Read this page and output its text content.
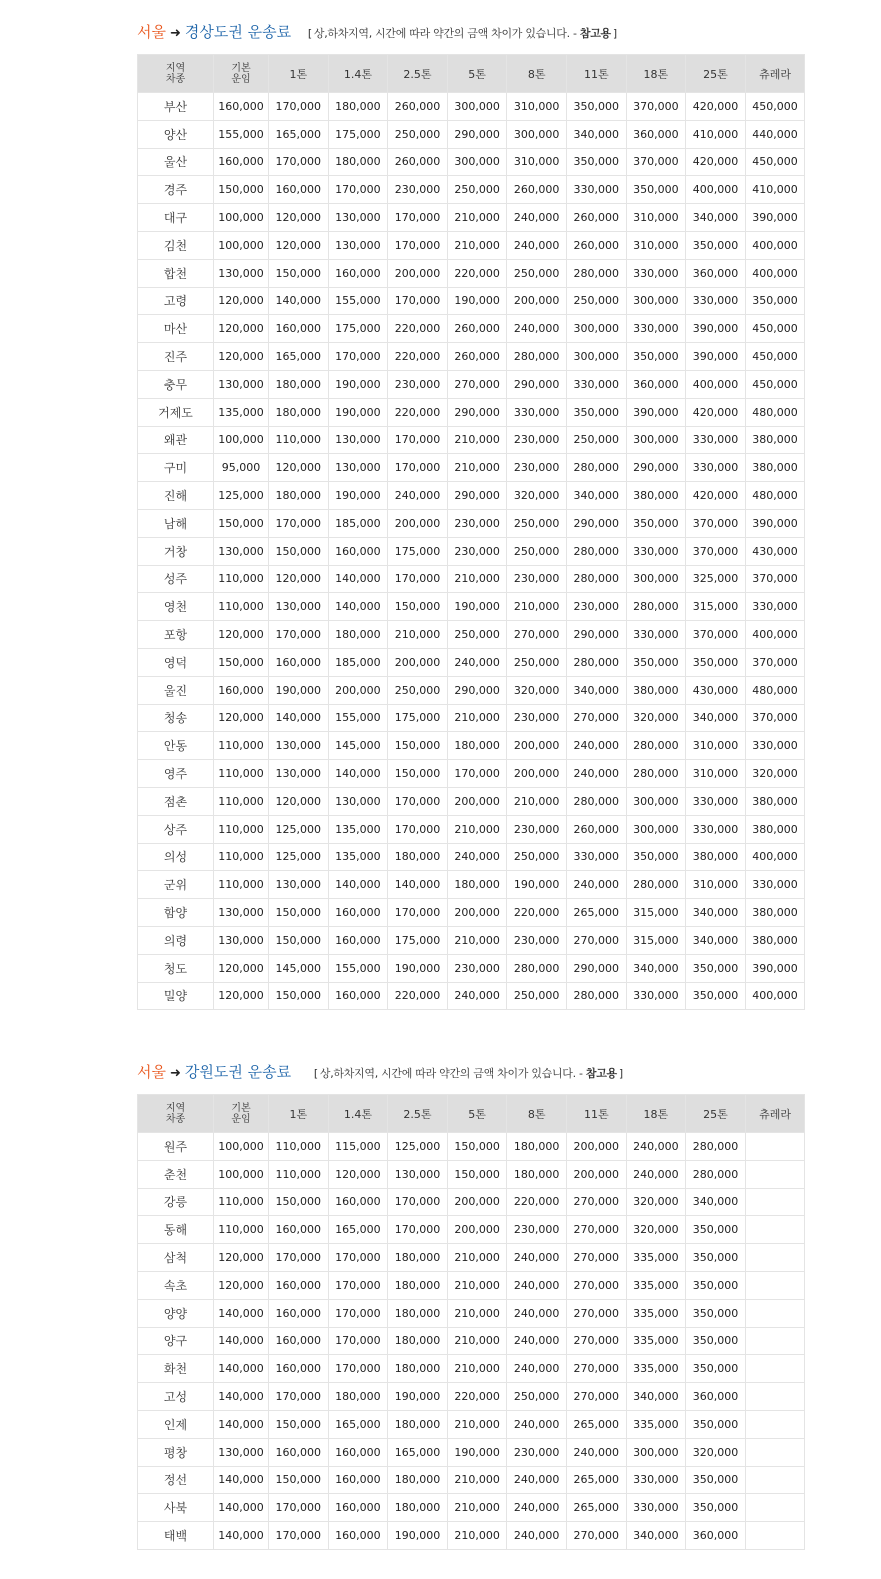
서울 ➜ 경상도권 운송료 [ 상,하차지역, 시간에 따라 약간의 금액 차이가 있습니다. - 참고용 ]
지역
차종	기본
운임	1톤	1.4톤	2.5톤	5톤	8톤	11톤	18톤	25톤	츄레라
부산	160,000	170,000	180,000	260,000	300,000	310,000	350,000	370,000	420,000	450,000
양산	155,000	165,000	175,000	250,000	290,000	300,000	340,000	360,000	410,000	440,000
울산	160,000	170,000	180,000	260,000	300,000	310,000	350,000	370,000	420,000	450,000
경주	150,000	160,000	170,000	230,000	250,000	260,000	330,000	350,000	400,000	410,000
대구	100,000	120,000	130,000	170,000	210,000	240,000	260,000	310,000	340,000	390,000
김천	100,000	120,000	130,000	170,000	210,000	240,000	260,000	310,000	350,000	400,000
합천	130,000	150,000	160,000	200,000	220,000	250,000	280,000	330,000	360,000	400,000
고령	120,000	140,000	155,000	170,000	190,000	200,000	250,000	300,000	330,000	350,000
마산	120,000	160,000	175,000	220,000	260,000	240,000	300,000	330,000	390,000	450,000
진주	120,000	165,000	170,000	220,000	260,000	280,000	300,000	350,000	390,000	450,000
충무	130,000	180,000	190,000	230,000	270,000	290,000	330,000	360,000	400,000	450,000
거제도	135,000	180,000	190,000	220,000	290,000	330,000	350,000	390,000	420,000	480,000
왜관	100,000	110,000	130,000	170,000	210,000	230,000	250,000	300,000	330,000	380,000
구미	95,000	120,000	130,000	170,000	210,000	230,000	280,000	290,000	330,000	380,000
진해	125,000	180,000	190,000	240,000	290,000	320,000	340,000	380,000	420,000	480,000
남해	150,000	170,000	185,000	200,000	230,000	250,000	290,000	350,000	370,000	390,000
거창	130,000	150,000	160,000	175,000	230,000	250,000	280,000	330,000	370,000	430,000
성주	110,000	120,000	140,000	170,000	210,000	230,000	280,000	300,000	325,000	370,000
영천	110,000	130,000	140,000	150,000	190,000	210,000	230,000	280,000	315,000	330,000
포항	120,000	170,000	180,000	210,000	250,000	270,000	290,000	330,000	370,000	400,000
영덕	150,000	160,000	185,000	200,000	240,000	250,000	280,000	350,000	350,000	370,000
울진	160,000	190,000	200,000	250,000	290,000	320,000	340,000	380,000	430,000	480,000
청송	120,000	140,000	155,000	175,000	210,000	230,000	270,000	320,000	340,000	370,000
안동	110,000	130,000	145,000	150,000	180,000	200,000	240,000	280,000	310,000	330,000
영주	110,000	130,000	140,000	150,000	170,000	200,000	240,000	280,000	310,000	320,000
점촌	110,000	120,000	130,000	170,000	200,000	210,000	280,000	300,000	330,000	380,000
상주	110,000	125,000	135,000	170,000	210,000	230,000	260,000	300,000	330,000	380,000
의성	110,000	125,000	135,000	180,000	240,000	250,000	330,000	350,000	380,000	400,000
군위	110,000	130,000	140,000	140,000	180,000	190,000	240,000	280,000	310,000	330,000
함양	130,000	150,000	160,000	170,000	200,000	220,000	265,000	315,000	340,000	380,000
의령	130,000	150,000	160,000	175,000	210,000	230,000	270,000	315,000	340,000	380,000
청도	120,000	145,000	155,000	190,000	230,000	280,000	290,000	340,000	350,000	390,000
밀양	120,000	150,000	160,000	220,000	240,000	250,000	280,000	330,000	350,000	400,000
서울 ➜ 강원도권 운송료 [ 상,하차지역, 시간에 따라 약간의 금액 차이가 있습니다. - 참고용 ]
지역
차종	기본
운임	1톤	1.4톤	2.5톤	5톤	8톤	11톤	18톤	25톤	츄레라
원주	100,000	110,000	115,000	125,000	150,000	180,000	200,000	240,000	280,000	
춘천	100,000	110,000	120,000	130,000	150,000	180,000	200,000	240,000	280,000	
강릉	110,000	150,000	160,000	170,000	200,000	220,000	270,000	320,000	340,000	
동해	110,000	160,000	165,000	170,000	200,000	230,000	270,000	320,000	350,000	
삼척	120,000	170,000	170,000	180,000	210,000	240,000	270,000	335,000	350,000	
속초	120,000	160,000	170,000	180,000	210,000	240,000	270,000	335,000	350,000	
양양	140,000	160,000	170,000	180,000	210,000	240,000	270,000	335,000	350,000	
양구	140,000	160,000	170,000	180,000	210,000	240,000	270,000	335,000	350,000	
화천	140,000	160,000	170,000	180,000	210,000	240,000	270,000	335,000	350,000	
고성	140,000	170,000	180,000	190,000	220,000	250,000	270,000	340,000	360,000	
인제	140,000	150,000	165,000	180,000	210,000	240,000	265,000	335,000	350,000	
평창	130,000	160,000	160,000	165,000	190,000	230,000	240,000	300,000	320,000	
정선	140,000	150,000	160,000	180,000	210,000	240,000	265,000	330,000	350,000	
사북	140,000	170,000	160,000	180,000	210,000	240,000	265,000	330,000	350,000	
태백	140,000	170,000	160,000	190,000	210,000	240,000	270,000	340,000	360,000	
